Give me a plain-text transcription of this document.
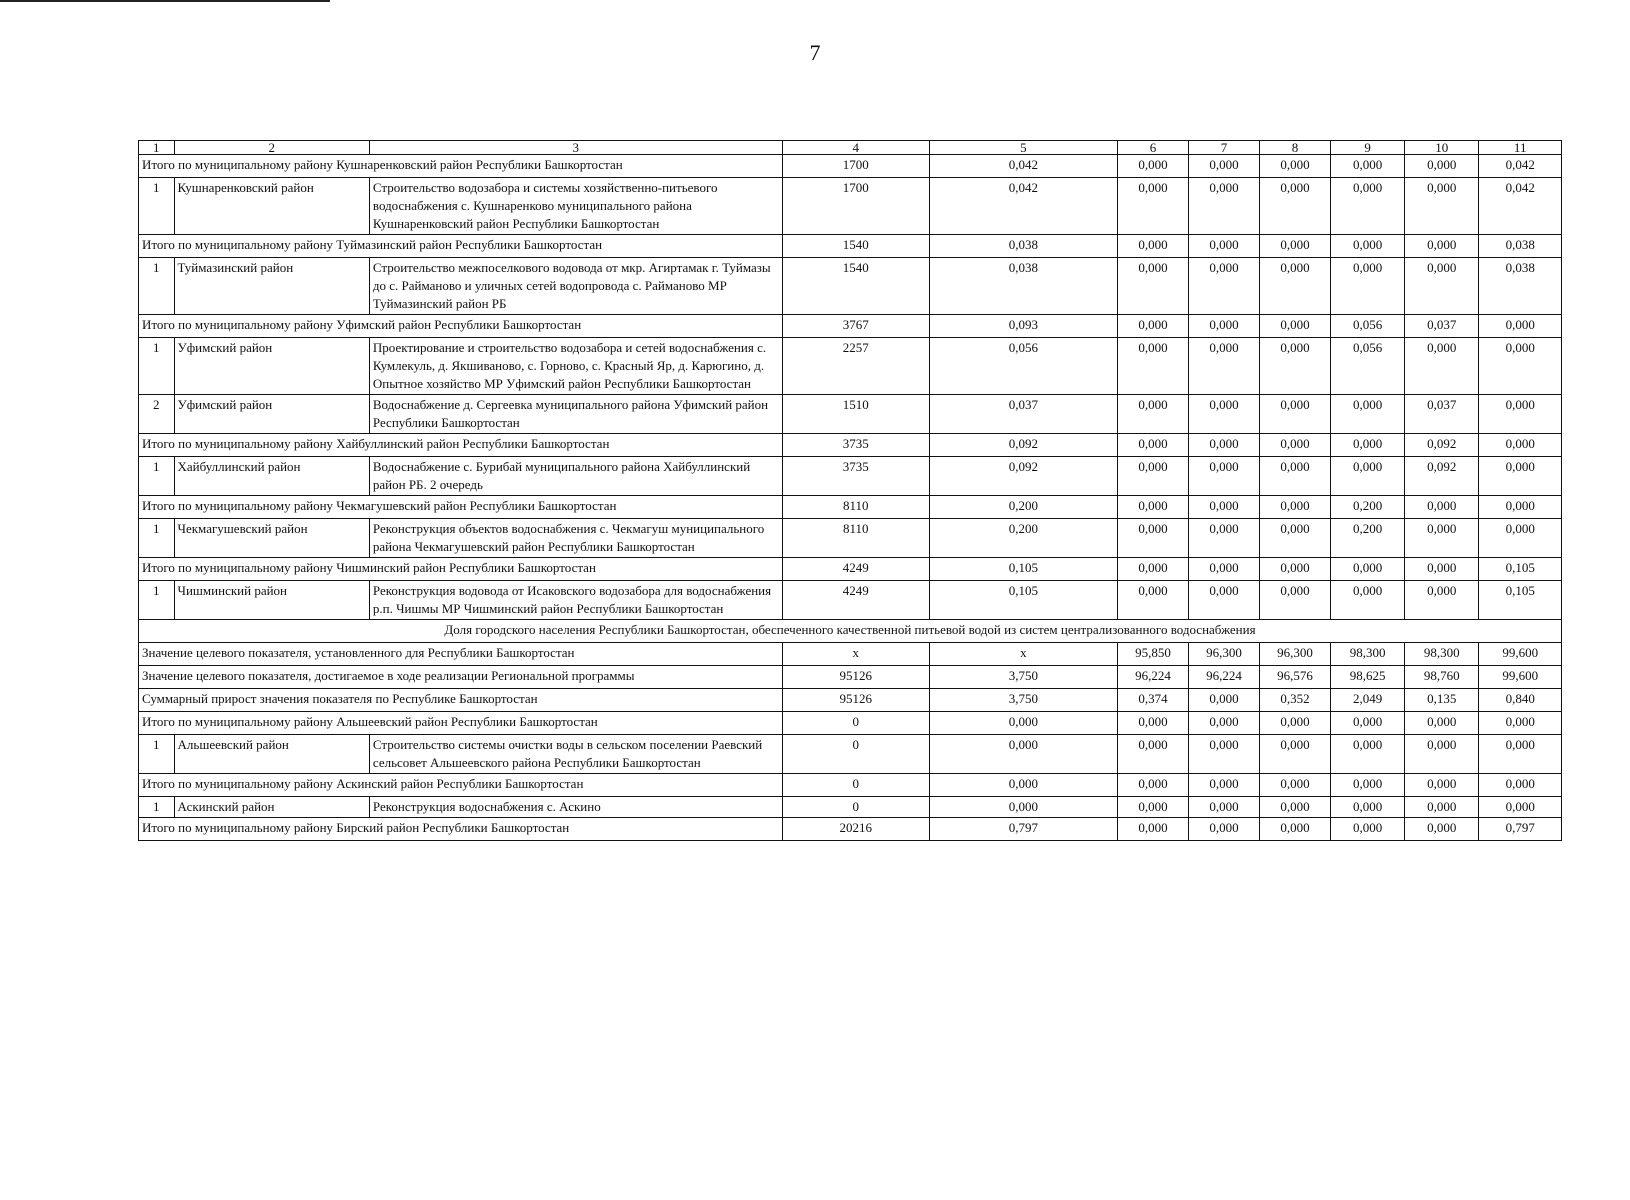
7
1	2	3	4	5	6	7	8	9	10	11
Итого по муниципальному району Кушнаренковский район Республики Башкортостан			1700	0,042	0,000	0,000	0,000	0,000	0,000	0,042
1	Кушнаренковский район	Строительство водозабора и системы хозяйственно-питьевого водоснабжения с. Кушнаренково муниципального района Кушнаренковский район Республики Башкортостан	1700	0,042	0,000	0,000	0,000	0,000	0,000	0,042
Итого по муниципальному району Туймазинский район Республики Башкортостан			1540	0,038	0,000	0,000	0,000	0,000	0,000	0,038
1	Туймазинский район	Строительство межпоселкового водовода от мкр. Агиртамак г. Туймазы до с. Райманово и уличных сетей водопровода с. Райманово МР Туймазинский район РБ	1540	0,038	0,000	0,000	0,000	0,000	0,000	0,038
Итого по муниципальному району Уфимский район Республики Башкортостан			3767	0,093	0,000	0,000	0,000	0,056	0,037	0,000
1	Уфимский район	Проектирование и строительство водозабора и сетей водоснабжения с. Кумлекуль, д. Якшиваново, с. Горново, с. Красный Яр, д. Карюгино, д. Опытное хозяйство МР Уфимский район Республики Башкортостан	2257	0,056	0,000	0,000	0,000	0,056	0,000	0,000
2	Уфимский район	Водоснабжение д. Сергеевка муниципального района Уфимский район Республики Башкортостан	1510	0,037	0,000	0,000	0,000	0,000	0,037	0,000
Итого по муниципальному району Хайбуллинский район Республики Башкортостан			3735	0,092	0,000	0,000	0,000	0,000	0,092	0,000
1	Хайбуллинский район	Водоснабжение с. Бурибай муниципального района Хайбуллинский район РБ. 2 очередь	3735	0,092	0,000	0,000	0,000	0,000	0,092	0,000
Итого по муниципальному району Чекмагушевский район Республики Башкортостан			8110	0,200	0,000	0,000	0,000	0,200	0,000	0,000
1	Чекмагушевский район	Реконструкция объектов водоснабжения с. Чекмагуш муниципального района Чекмагушевский район Республики Башкортостан	8110	0,200	0,000	0,000	0,000	0,200	0,000	0,000
Итого по муниципальному району Чишминский район Республики Башкортостан			4249	0,105	0,000	0,000	0,000	0,000	0,000	0,105
1	Чишминский район	Реконструкция водовода от Исаковского водозабора для водоснабжения р.п. Чишмы МР Чишминский район Республики Башкортостан	4249	0,105	0,000	0,000	0,000	0,000	0,000	0,105
Доля городского населения Республики Башкортостан, обеспеченного качественной питьевой водой из систем централизованного водоснабжения										
Значение целевого показателя, установленного для Республики Башкортостан			x	x	95,850	96,300	96,300	98,300	98,300	99,600
Значение целевого показателя, достигаемое в ходе реализации Региональной программы			95126	3,750	96,224	96,224	96,576	98,625	98,760	99,600
Суммарный прирост значения показателя по Республике Башкортостан			95126	3,750	0,374	0,000	0,352	2,049	0,135	0,840
Итого по муниципальному району Альшеевский район Республики Башкортостан			0	0,000	0,000	0,000	0,000	0,000	0,000	0,000
1	Альшеевский район	Строительство системы очистки воды в сельском поселении Раевский сельсовет Альшеевского района Республики Башкортостан	0	0,000	0,000	0,000	0,000	0,000	0,000	0,000
Итого по муниципальному району Аскинский район Республики Башкортостан			0	0,000	0,000	0,000	0,000	0,000	0,000	0,000
1	Аскинский район	Реконструкция водоснабжения с. Аскино	0	0,000	0,000	0,000	0,000	0,000	0,000	0,000
Итого по муниципальному району Бирский район Республики Башкортостан			20216	0,797	0,000	0,000	0,000	0,000	0,000	0,797
